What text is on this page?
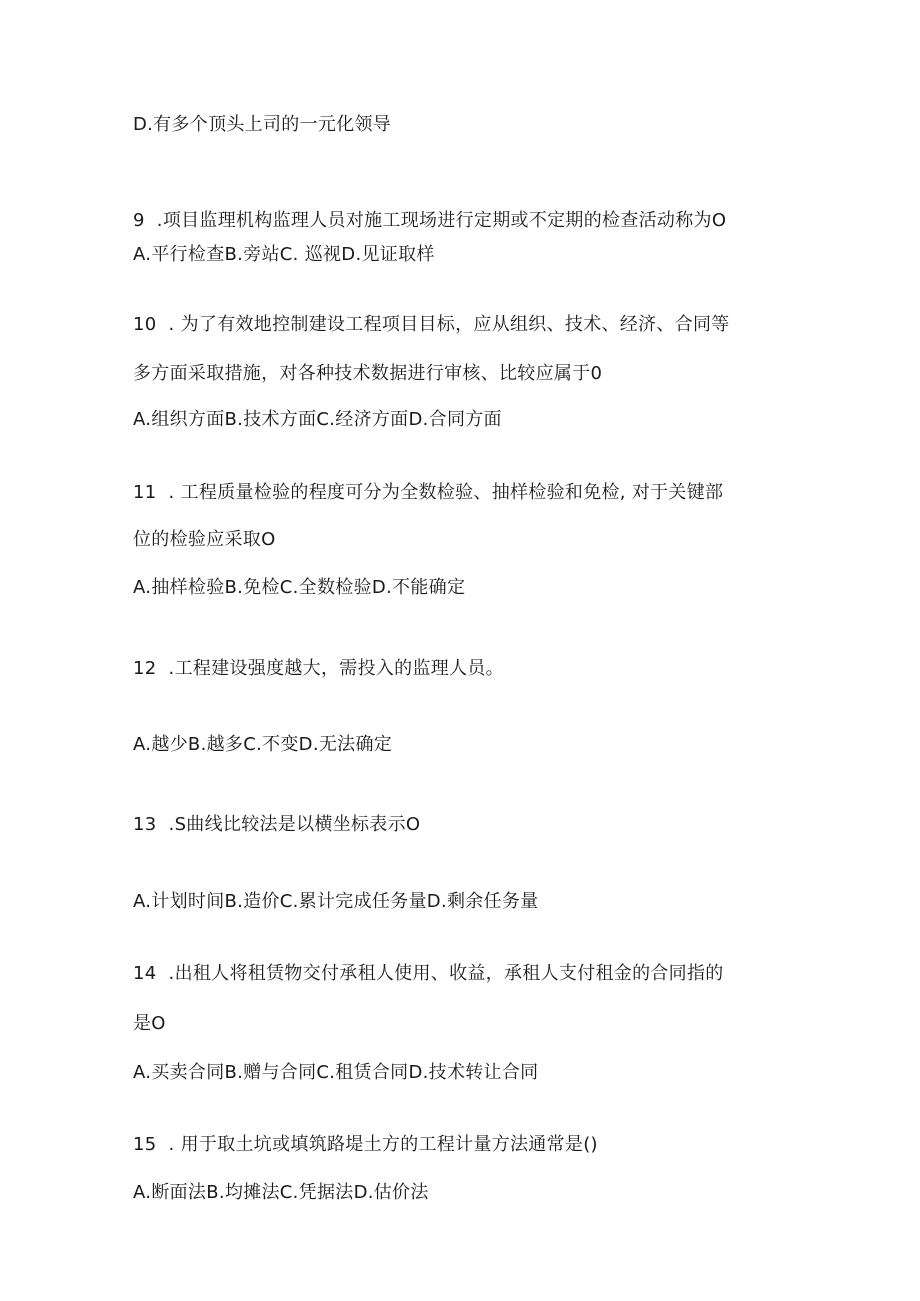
D.有多个顶头上司的一元化领导
9  .项目监理机构监理人员对施工现场进行定期或不定期的检查活动称为O
A.平行检查B.旁站C. 巡视D.见证取样
10  . 为了有效地控制建设工程项目目标，应从组织、技术、经济、合同等
多方面采取措施，对各种技术数据进行审核、比较应属于0
A.组织方面B.技术方面C.经济方面D.合同方面
11  . 工程质量检验的程度可分为全数检验、抽样检验和免检, 对于关键部
位的检验应采取O
A.抽样检验B.免检C.全数检验D.不能确定
12  .工程建设强度越大，需投入的监理人员。
A.越少B.越多C.不变D.无法确定
13  .S曲线比较法是以横坐标表示O
A.计划时间B.造价C.累计完成任务量D.剩余任务量
14  .出租人将租赁物交付承租人使用、收益，承租人支付租金的合同指的
是O
A.买卖合同B.赠与合同C.租赁合同D.技术转让合同
15  . 用于取土坑或填筑路堤土方的工程计量方法通常是()
A.断面法B.均摊法C.凭据法D.估价法
